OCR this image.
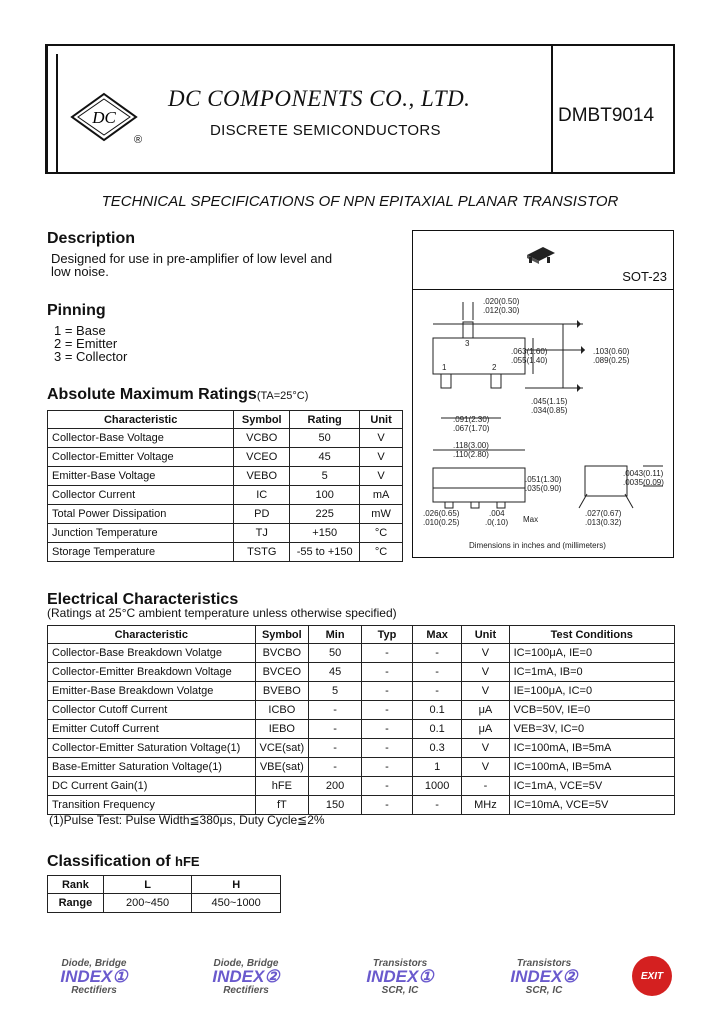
DC
®
DC COMPONENTS CO., LTD.
DISCRETE SEMICONDUCTORS
DMBT9014
TECHNICAL SPECIFICATIONS OF NPN EPITAXIAL PLANAR TRANSISTOR
Description
Designed for use in pre-amplifier of low level and
low noise.
Pinning
1 = Base
2 = Emitter
3 = Collector
SOT-23
3
1	2
.020(0.50)
.012(0.30)
.063(1.60)
.055(1.40)
.103(0.60)
.089(0.25)
.045(1.15)
.034(0.85)
.091(2.30)
.067(1.70)
.118(3.00)
.110(2.80)
.051(1.30)
.035(0.90)
.0043(0.11)
.0035(0.09)
.026(0.65)
.010(0.25)
.004
.0(.10) Max
.027(0.67)
.013(0.32)
Dimensions in inches and (millimeters)
Absolute Maximum Ratings(TA=25°C)
Characteristic	Symbol	Rating	Unit
Collector-Base Voltage	VCBO	50	V
Collector-Emitter Voltage	VCEO	45	V
Emitter-Base Voltage	VEBO	5	V
Collector Current	IC	100	mA
Total Power Dissipation	PD	225	mW
Junction Temperature	TJ	+150	°C
Storage Temperature	TSTG	-55 to +150	°C
Electrical Characteristics
(Ratings at 25°C ambient temperature unless otherwise specified)
Characteristic	Symbol	Min	Typ	Max	Unit	Test Conditions
Collector-Base Breakdown Volatge	BVCBO	50	-	-	V	IC=100μA, IE=0
Collector-Emitter Breakdown Voltage	BVCEO	45	-	-	V	IC=1mA, IB=0
Emitter-Base Breakdown Volatge	BVEBO	5	-	-	V	IE=100μA, IC=0
Collector Cutoff Current	ICBO	-	-	0.1	μA	VCB=50V, IE=0
Emitter Cutoff Current	IEBO	-	-	0.1	μA	VEB=3V, IC=0
Collector-Emitter Saturation Voltage(1)	VCE(sat)	-	-	0.3	V	IC=100mA, IB=5mA
Base-Emitter Saturation Voltage(1)	VBE(sat)	-	-	1	V	IC=100mA, IB=5mA
DC Current Gain(1)	hFE	200	-	1000	-	IC=1mA, VCE=5V
Transition Frequency	fT	150	-	-	MHz	IC=10mA, VCE=5V
(1)Pulse Test: Pulse Width≦380μs, Duty Cycle≦2%
Classification of hFE
Rank	L	H
Range	200~450	450~1000
Diode, Bridge
INDEX①
Rectifiers
Diode, Bridge
INDEX②
Rectifiers
Transistors
INDEX①
SCR, IC
Transistors
INDEX②
SCR, IC
EXIT
